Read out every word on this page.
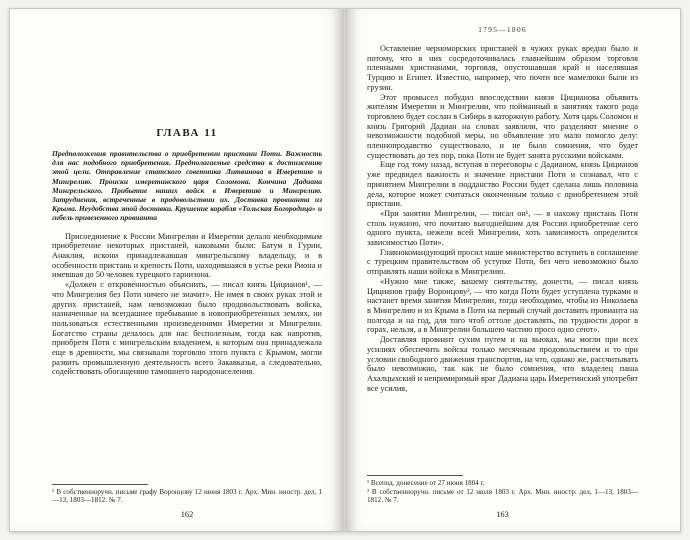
ГЛАВА 11
Предположения правительства о приобретении пристани Поти. Важность для нас подобного приобретения. Предполагаемые средства к достижению этой цели. Отправление статского советника Литвинова в Имеретию и Мингрелию. Происки имеретинского царя Соломона. Кончина Дадиана Мингрельского. Прибытие наших войск в Имеретию и Мингрелию. Затруднения, встреченные в продовольствии их. Доставка провианта из Крыма. Неудобства этой доставки. Крушение корабля «Тольская Богородица» и гибель привезенного провианта

Присоединение к России Мингрелии и Имеретии делало необходимым приобретение некоторых пристаней, каковыми были: Батум в Гурии, Анаклия, искони принадлежавшая мингрельскому владельцу, и в особенности пристань и крепость Поти, находившаяся в устье реки Риона и имевшая до 50 человек турецкого гарнизона.

«Должен с откровенностью объяснить, — писал князь Цицианов¹, — что Мингрелия без Поти ничего не значит». Не имея в своих руках этой и других пристаней, нам невозможно было продовольствовать войска, назначенные на всегдашнее пребывание в новоприобретенных землях, ни пользоваться естественными произведениями Имеретии и Мингрелии. Богатство страны делалось для нас бесполезным, тогда как напротив, приобретя Поти с мингрельским владением, к которым она принадлежала еще в древности, мы связывали торговлю этого пункта с Крымом, могли развить промышленную деятельность всего Закавказья, а следовательно, содействовать обогащению тамошнего народонаселения.

¹ В собственноручн. письме графу Воронцову 12 июня 1803 г. Арх. Мин. иностр. дел, 1—13, 1803—1812. № 7.
162
1795—1806

Оставление черноморских пристаней в чужих руках вредно было и потому, что в них сосредоточивалась главнейшим образом торговля пленными христианами, торговля, опустошавшая край и населявшая Турцию и Египет. Известно, например, что почти все мамелюки были из грузин.

Этот промысел побудил впоследствии князя Цицианова объявить жителям Имеретии и Мингрелии, что пойманный в занятиях такого рода торговлею будет сослан в Сибирь в каторжную работу. Хотя царь Соломон и князь Григорий Дадиан на словах заявляли, что разделяют мнение о невозможности подобной меры, но объявление это мало помогло делу: пленнопродавство существовало, и не было сомнения, что будет существовать до тех пор, пока Поти не будет занята русскими войсками.

Еще год тому назад, вступая в переговоры с Дадианом, князь Цицианов уже предвидел важность и значение пристани Поти и сознавал, что с принятием Мингрелии в подданство России будет сделана лишь половина дела, которое может считаться оконченным только с приобретением этой пристани.

«При занятии Мингрелии, — писал он¹, — я нахожу пристань Поти столь нужною, что почитаю выгоднейшим для России приобретение сего одного пункта, нежели всей Мингрелии, хоть зависимость определится зависимостью Поти».

Главнокомандующий просил наше министерство вступить в соглашение с турецким правительством об уступке Поти, без чего невозможно было отправлять наши войска в Мингрелию.

«Нужно мне также, вашему сиятельству, донести, — писал князь Цицианов графу Воронцову², — что когда Поти будет уступлена турками и настанет время занятия Мингрелии, тогда необходимо, чтобы из Николаева в Мингрелию и из Крыма в Поти на первый случай доставить провианта на полгода и на год, для того чтоб оттоле доставлять, по трудности дорог в горах, нельзя, а в Мингрелии большею частию просо одно сеют».

Доставляя провиант сухим путем и на вьюках, мы могли при всех усилиях обеспечить войска только месячным продовольствием и то при условии свободного движения транспортов, на что, однако же, рассчитывать было невозможно, так как не было сомнения, что владелец паша Ахалцыхский и непримиримый враг Дадиана царь Имеретинский употребят все усилия,

¹ Всепод. донесение от 27 июня 1804 г.
² В собственноручн. письме от 12 июля 1803 г. Арх. Мин. иностр. дел, 1—13, 1803—1812. № 7.
163
